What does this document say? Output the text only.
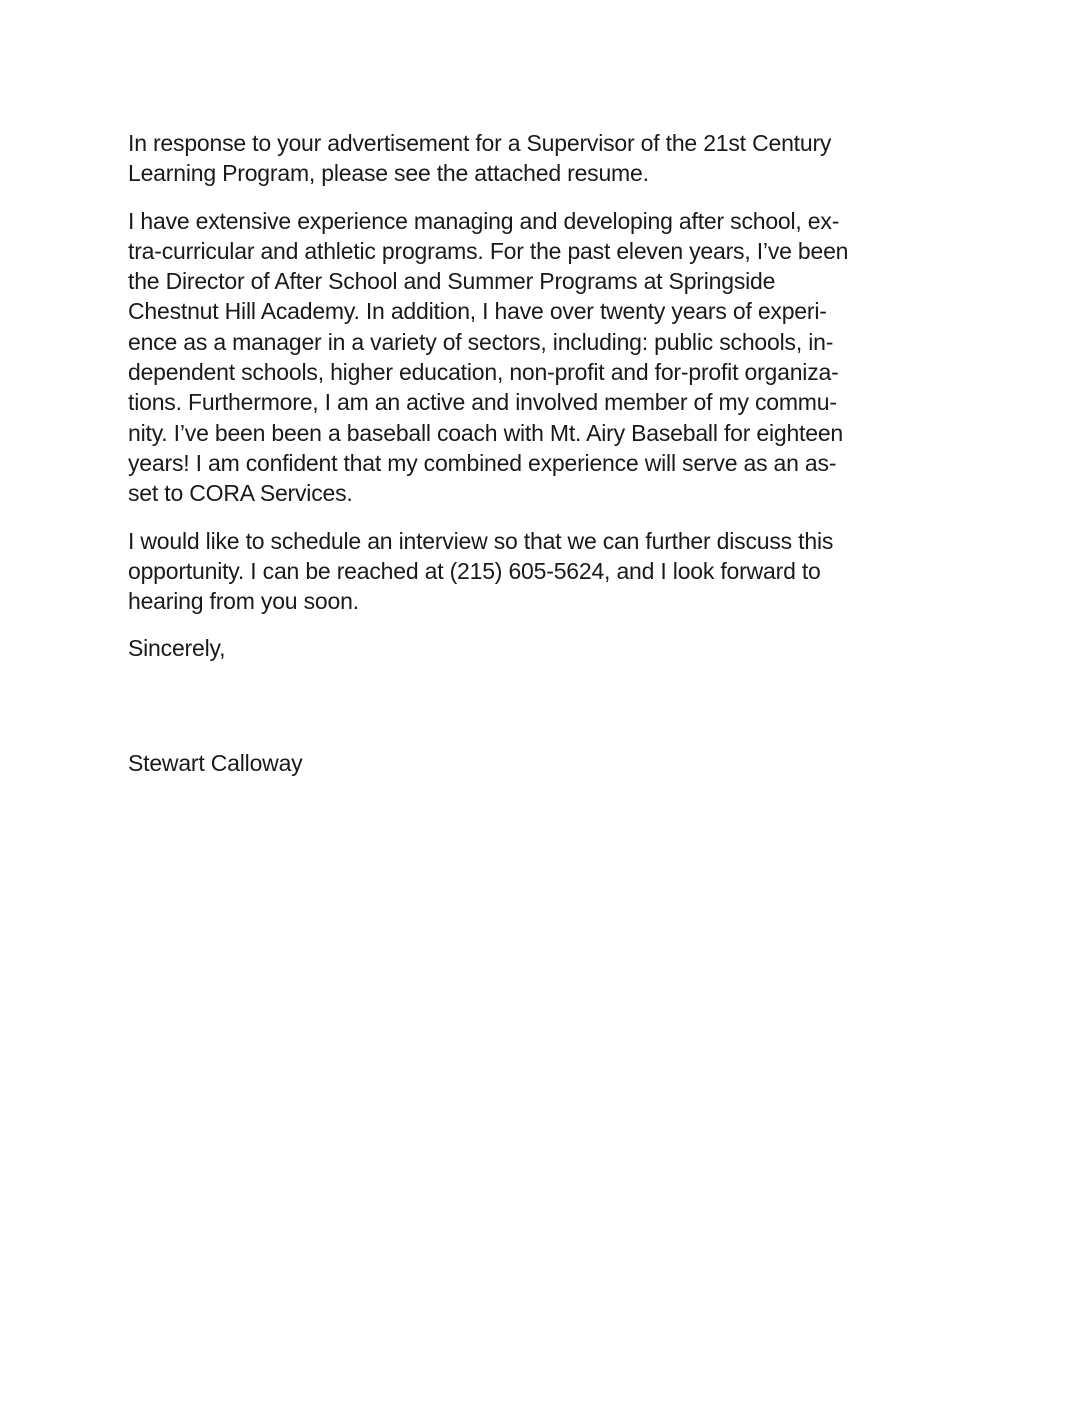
In response to your advertisement for a Supervisor of the 21st Century
Learning Program, please see the attached resume.

I have extensive experience managing and developing after school, ex-
tra-curricular and athletic programs. For the past eleven years, I’ve been
the Director of After School and Summer Programs at Springside
Chestnut Hill Academy. In addition, I have over twenty years of experi-
ence as a manager in a variety of sectors, including: public schools, in-
dependent schools, higher education, non-profit and for-profit organiza-
tions. Furthermore, I am an active and involved member of my commu-
nity. I’ve been been a baseball coach with Mt. Airy Baseball for eighteen
years! I am confident that my combined experience will serve as an as-
set to CORA Services.

I would like to schedule an interview so that we can further discuss this
opportunity. I can be reached at (215) 605-5624, and I look forward to
hearing from you soon.

Sincerely,

Stewart Calloway
